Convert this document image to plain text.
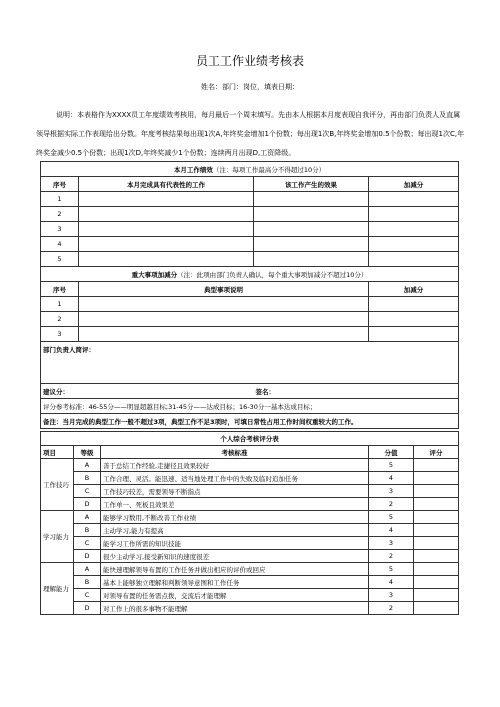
员工工作业绩考核表
姓名：部门：岗位，填表日期：

说明：本表格作为XXXX员工年度绩效考核用，每月最后一个周末填写。先由本人根据本月度表现自我评分，再由部门负责人及直属领导根据实际工作表现给出分数。年度考核结果每出现1次A,年终奖金增加1个份数；每出现1次B,年终奖金增加0.5个份数；每出现1次C,年终奖金减少0.5个份数；出现1次D,年终奖减少1个份数；连续两月出现D,工资降级。

本月工作绩效（注：每项工作最高分不得超过10分）			
序号	本月完成具有代表性的工作	该工作产生的效果	加减分
1			
2			
3			
4			
5			
重大事项加减分（注：此项由部门负责人确认，每个重大事项加减分不超过10分）			
序号	典型事项说明		加减分
1			
2			
3			
部门负责人简评：			
建议分：		签名：	
评分参考标准：46-55分——明显超越目标;31-45分——达成目标；16-30分一基本达成目标；			
备注：当月完成的典型工作一般不超过3项，典型工作不足3项时，可填日常性占用工作时间权重较大的工作。			
个人综合考核评分表				
项目	等级	考核标准	分值	评分
工作技巧	A	善于总结工作经验,走捷径且效果较好	5	
	B	工作合理、灵活。能迅速、适当地处理工作中的失败及临时追加任务	4	
	C	工作技巧较差，需要领导不断指点	3	
	D	工作单一、死板且效果差	2	
学习能力	A	能够学习数用,不断改善工作业绩	5	
	B	主动学习,能力有提高	4	
	C	能学习工作所需的知识技能	3	
	D	很少主动学习,接受新知识的速度很差	2	
理解能力	A	能快速理解领导布置的工作任务并做出相应的评价或回应	5	
	B	基本上能够独立理解和判断领导意图和工作任务	4	
	C	对领导布置的任务需点拨，交流后才能理解	3	
	D	对工作上的很多事物不能理解	2	
